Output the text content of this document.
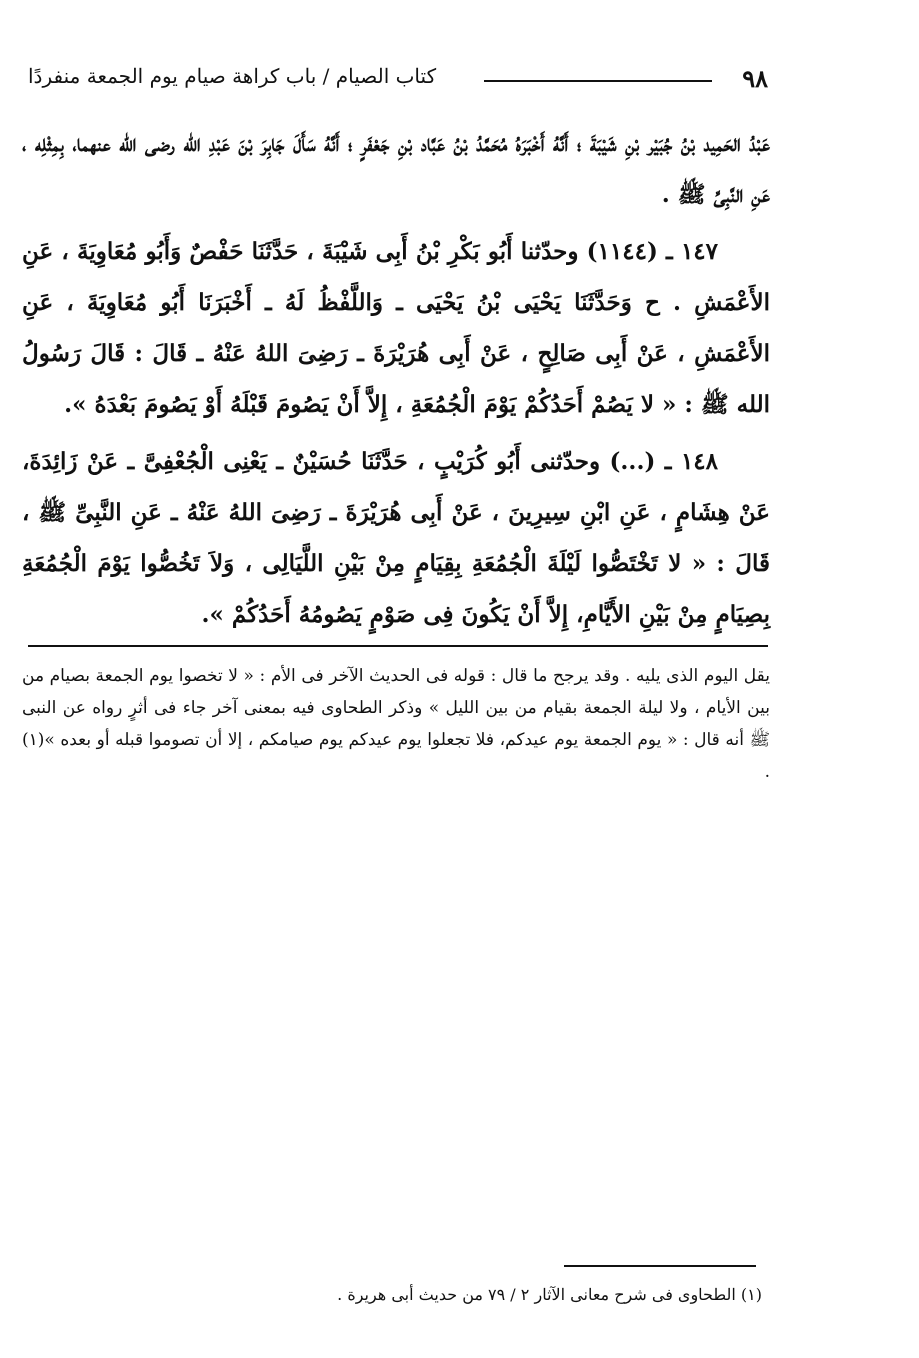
٩٨
كتاب الصيام / باب كراهة صيام يوم الجمعة منفردًا

عَبْدُ الحَمِيد بْنُ جُبَيْر بْنِ شَيْبَةَ ؛ أَنَّهُ أَخْبَرَهُ مُحَمَّدُ بْنُ عَبَّاد بْنِ جَعْفَرٍ ؛ أَنَّهُ سَأَلَ جَابِرَ بْنَ عَبْدِ الله رضى الله عنهما، بِمِثْلِه ، عَنِ النَّبِىِّ ﷺ .

١٤٧ ـ (١١٤٤) وحدّثنا أَبُو بَكْرِ بْنُ أَبِى شَيْبَةَ ، حَدَّثَنَا حَفْصٌ وَأَبُو مُعَاوِيَةَ ، عَنِ الأَعْمَشِ . ح وَحَدَّثَنَا يَحْيَى بْنُ يَحْيَى ـ وَاللَّفْظُ لَهُ ـ أَخْبَرَنَا أَبُو مُعَاوِيَةَ ، عَنِ الأَعْمَشِ ، عَنْ أَبِى صَالِحٍ ، عَنْ أَبِى هُرَيْرَةَ ـ رَضِىَ اللهُ عَنْهُ ـ قَالَ : قَالَ رَسُولُ الله ﷺ : « لا يَصُمْ أَحَدُكُمْ يَوْمَ الْجُمُعَةِ ، إِلاَّ أَنْ يَصُومَ قَبْلَهُ أَوْ يَصُومَ بَعْدَهُ ».

١٤٨ ـ (...) وحدّثنى أَبُو كُرَيْبٍ ، حَدَّثَنَا حُسَيْنٌ ـ يَعْنِى الْجُعْفِىَّ ـ عَنْ زَائِدَةَ، عَنْ هِشَامٍ ، عَنِ ابْنِ سِيرِينَ ، عَنْ أَبِى هُرَيْرَةَ ـ رَضِىَ اللهُ عَنْهُ ـ عَنِ النَّبِىِّ ﷺ ، قَالَ : « لا تَخْتَصُّوا لَيْلَةَ الْجُمُعَةِ بِقِيَامٍ مِنْ بَيْنِ اللَّيَالِى ، وَلاَ تَخُصُّوا يَوْمَ الْجُمُعَةِ بِصِيَامٍ مِنْ بَيْنِ الأَيَّامِ، إِلاَّ أَنْ يَكُونَ فِى صَوْمٍ يَصُومُهُ أَحَدُكُمْ ».

يقل اليوم الذى يليه . وقد يرجح ما قال : قوله فى الحديث الآخر فى الأم : « لا تخصوا يوم الجمعة بصيام من بين الأيام ، ولا ليلة الجمعة بقيام من بين الليل » وذكر الطحاوى فيه بمعنى آخر جاء فى أثرٍ رواه عن النبى ﷺ أنه قال : « يوم الجمعة يوم عيدكم، فلا تجعلوا يوم عيدكم يوم صيامكم ، إلا أن تصوموا قبله أو بعده »(١) .

(١) الطحاوى فى شرح معانى الآثار ٢ / ٧٩ من حديث أبى هريرة .
